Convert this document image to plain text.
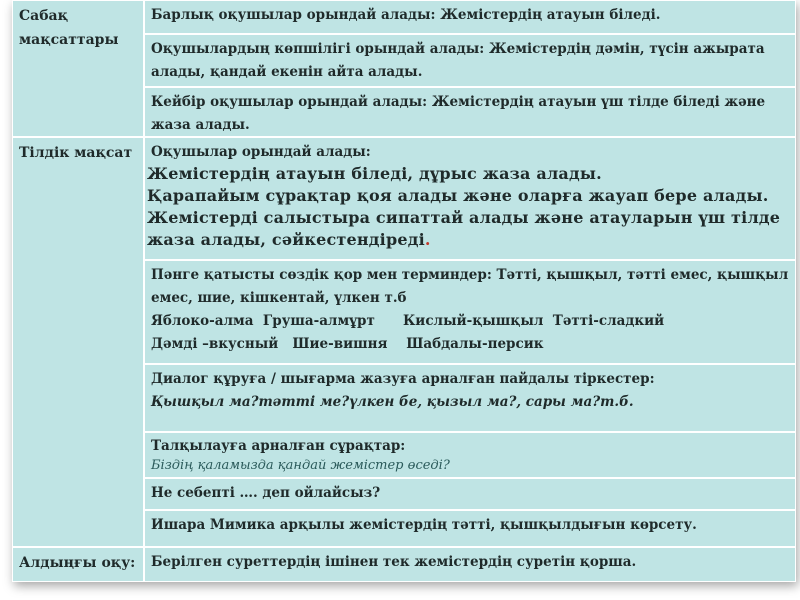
Сабақ мақсаттары
Барлық оқушылар орындай алады: Жемістердің атауын біледі.
Оқушылардың көпшілігі орындай алады: Жемістердің дәмін, түсін ажырата алады, қандай екенін айта алады.
Кейбір оқушылар орындай алады: Жемістердің атауын үш тілде біледі және жаза алады.
Тілдік мақсат	Оқушылар орындай алады:
Жемістердің атауын біледі, дұрыс жаза алады.
Қарапайым сұрақтар қоя алады және оларға жауап бере алады.
Жемістерді салыстыра сипаттай алады және атауларын үш тілде жаза алады, сәйкестендіреді.
Пәнге қатысты сөздік қор мен терминдер: Тәтті, қышқыл, тәтті емес, қышқыл емес, шие, кішкентай, үлкен т.б
Яблоко-алма  Груша-алмұрт      Кислый-қышқыл  Тәтті-сладкий
Дәмді –вкусный   Шие-вишня    Шабдалы-персик
Диалог құруға / шығарма жазуға арналған пайдалы тіркестер:
Қышқыл ма?тәтті ме?үлкен бе, қызыл ма?, сары ма?т.б.
Талқылауға арналған сұрақтар:
Біздің қаламызда қандай жемістер өседі?
Не себепті …. деп ойлайсыз?
Ишара Мимика арқылы жемістердің тәтті, қышқылдығын көрсету.
Алдыңғы оқу:	Берілген суреттердің ішінен тек жемістердің суретін қорша.
